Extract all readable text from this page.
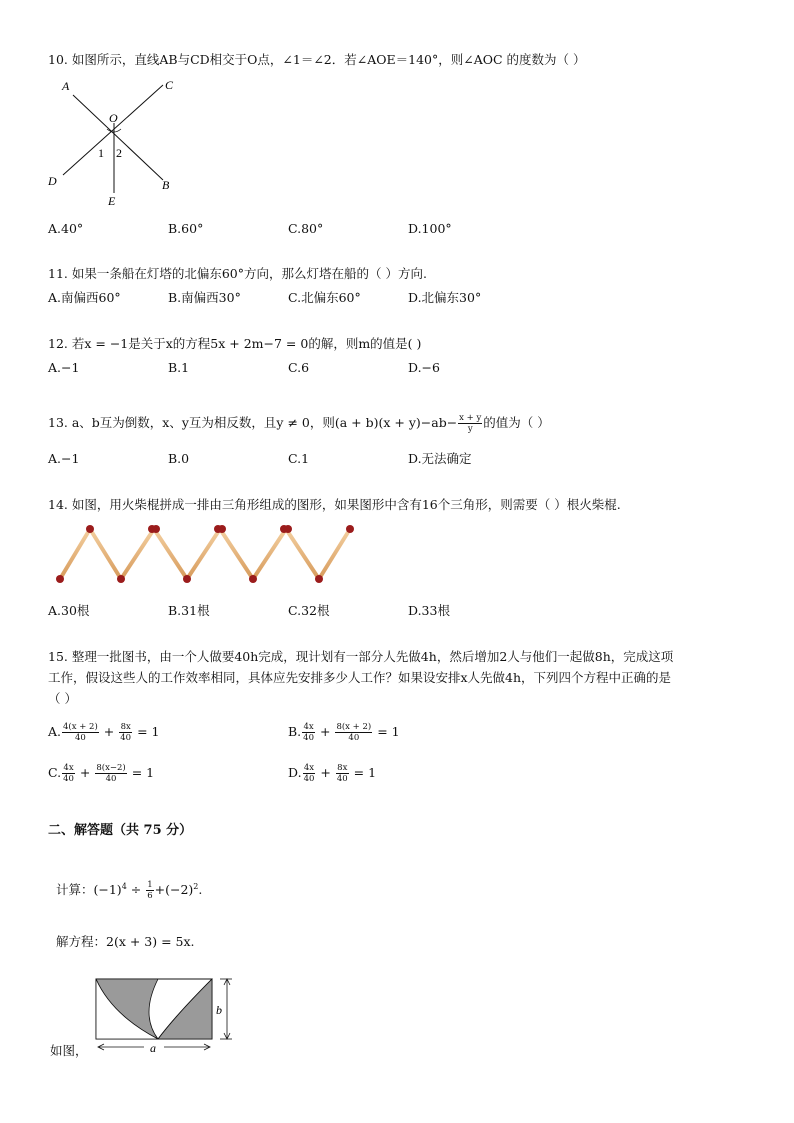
10. 如图所示，直线AB与CD相交于O点，∠1＝∠2．若∠AOE＝140°，则∠AOC 的度数为（ ）
A	C
O
1 2
D	B
E
A.40°	B.60°	C.80°	D.100°
11. 如果一条船在灯塔的北偏东60°方向，那么灯塔在船的（ ）方向.
A.南偏西60°	B.南偏西30°	C.北偏东60°	D.北偏东30°
12. 若x = −1是关于x的方程5x + 2m−7 = 0的解，则m的值是( )
A.−1	B.1	C.6	D.−6
13. a、b互为倒数，x、y互为相反数，且y ≠ 0，则$(a + b)(x + y)-ab- \frac{x + y}{y}$ 的值为（ ）
A.−1	B.0	C.1	D.无法确定
14. 如图，用火柴棍拼成一排由三角形组成的图形，如果图形中含有16个三角形，则需要（ ）根火柴棍.
A.30根	B.31根	C.32根	D.33根
15. 整理一批图书，由一个人做要40h完成，现计划有一部分人先做4h，然后增加2人与他们一起做8h，完成这项
工作，假设这些人的工作效率相同，具体应先安排多少人工作？如果设安排x人先做4h，下列四个方程中正确的是
（ ）
A. $\frac{4(x + 2)}{40} + \frac{8x}{40} = 1$	B. $\frac{4x}{40} + \frac{8(x + 2)}{40} = 1$
C. $\frac{4x}{40} + \frac{8(x-2)}{40} = 1$	D. $\frac{4x}{40} + \frac{8x}{40} = 1$
二、解答题（共 75 分）
计算：$(-1)^4 \div \frac{1}{6} +(-2)^2$.
解方程：2(x + 3) = 5x.
如图，
b
a
